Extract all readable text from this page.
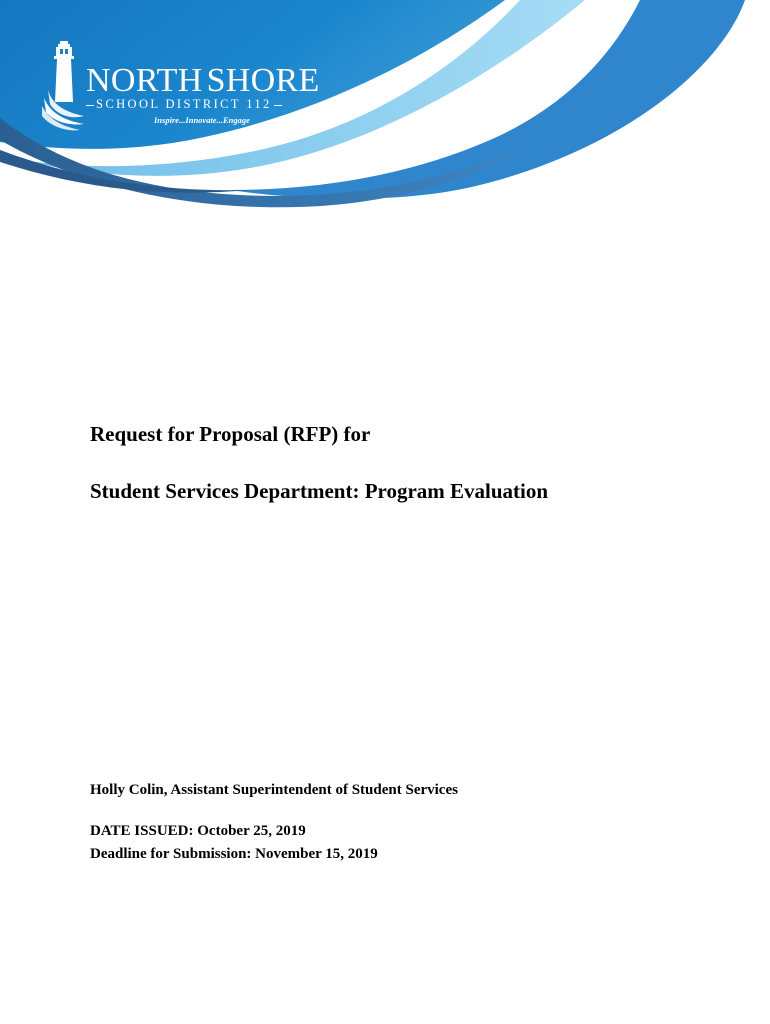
NORTH SHORE
SCHOOL DISTRICT 112
Inspire...Innovate...Engage
Request for Proposal (RFP) for
Student Services Department: Program Evaluation
Holly Colin, Assistant Superintendent of Student Services
DATE ISSUED: October 25, 2019
Deadline for Submission: November 15, 2019
